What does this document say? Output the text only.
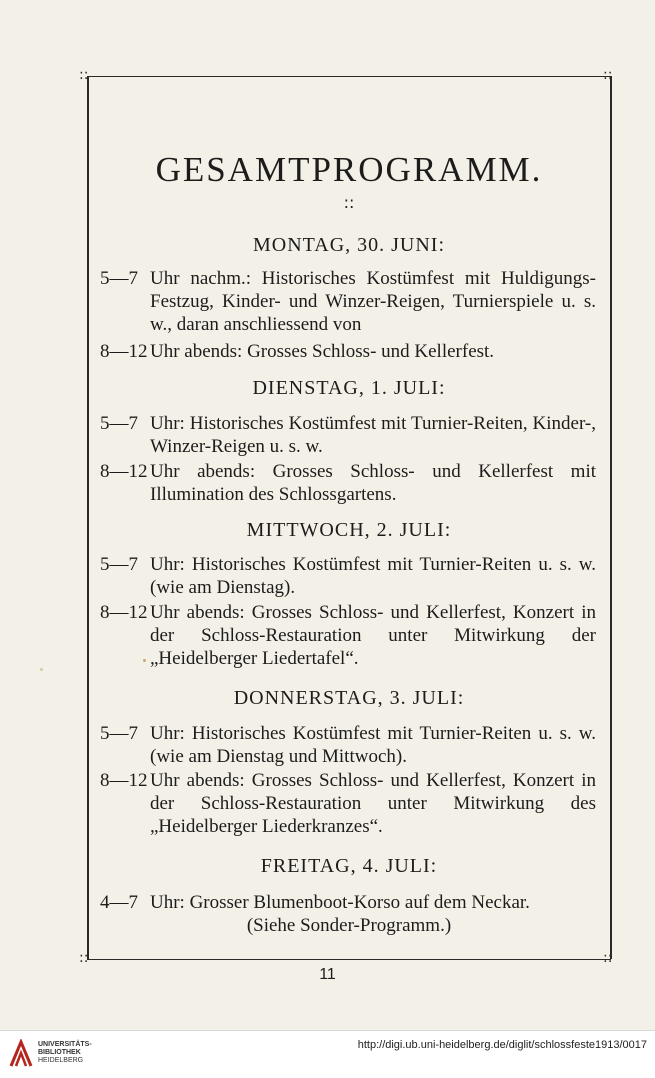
::	::
::	::
GESAMTPROGRAMM.
::
MONTAG, 30. JUNI:
5—7 Uhr nachm.: Historisches Kostümfest mit Huldigungs-Festzug, Kinder- und Winzer-Reigen, Turnierspiele u. s. w., daran anschliessend von
8—12 Uhr abends: Grosses Schloss- und Kellerfest.
DIENSTAG, 1. JULI:
5—7 Uhr: Historisches Kostümfest mit Turnier-Reiten, Kinder-, Winzer-Reigen u. s. w.
8—12 Uhr abends: Grosses Schloss- und Kellerfest mit Illumination des Schlossgartens.
MITTWOCH, 2. JULI:
5—7 Uhr: Historisches Kostümfest mit Turnier-Reiten u. s. w. (wie am Dienstag).
8—12 Uhr abends: Grosses Schloss- und Kellerfest, Konzert in der Schloss-Restauration unter Mitwirkung der „Heidelberger Liedertafel“.
DONNERSTAG, 3. JULI:
5—7 Uhr: Historisches Kostümfest mit Turnier-Reiten u. s. w. (wie am Dienstag und Mittwoch).
8—12 Uhr abends: Grosses Schloss- und Kellerfest, Konzert in der Schloss-Restauration unter Mitwirkung des „Heidelberger Liederkranzes“.
FREITAG, 4. JULI:
4—7 Uhr: Grosser Blumenboot-Korso auf dem Neckar.
(Siehe Sonder-Programm.)
11
UNIVERSITÄTS-
BIBLIOTHEK
HEIDELBERG
http://digi.ub.uni-heidelberg.de/diglit/schlossfeste1913/0017
